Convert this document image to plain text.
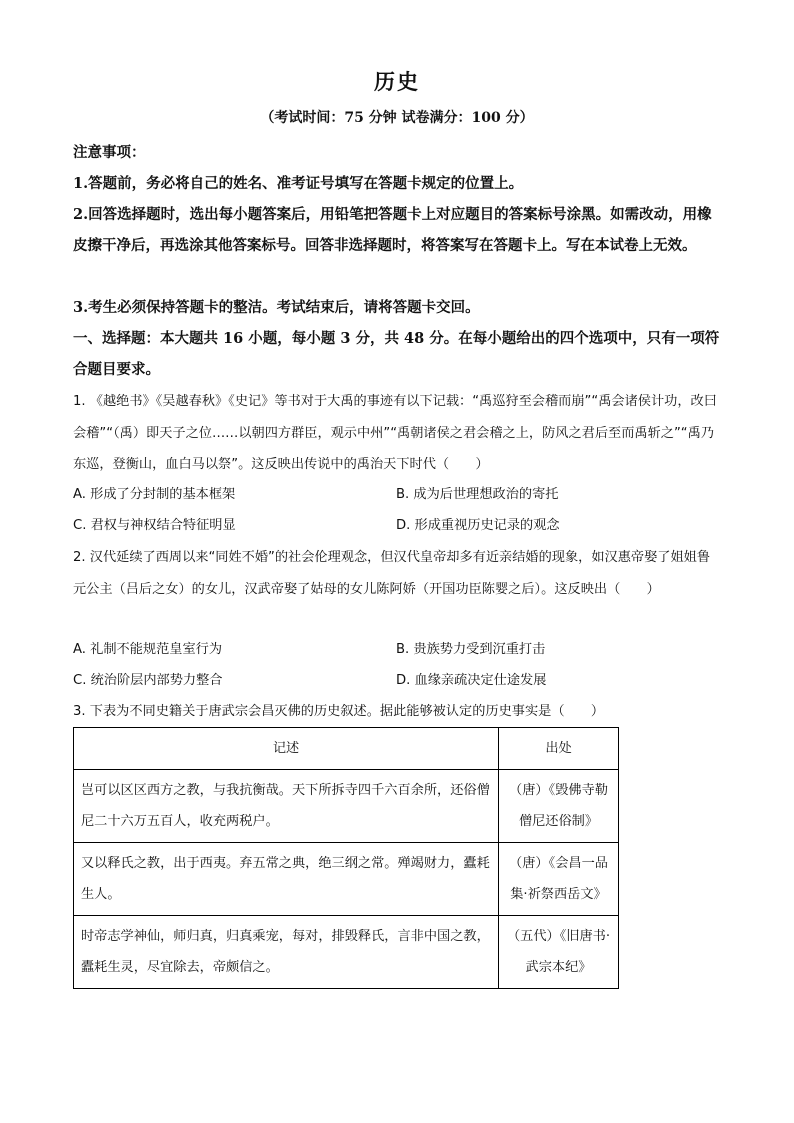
历史
（考试时间：75 分钟 试卷满分：100 分）
注意事项：
1.答题前，务必将自己的姓名、准考证号填写在答题卡规定的位置上。
2.回答选择题时，选出每小题答案后，用铅笔把答题卡上对应题目的答案标号涂黑。如需改动，用橡皮擦干净后，再选涂其他答案标号。回答非选择题时，将答案写在答题卡上。写在本试卷上无效。
3.考生必须保持答题卡的整洁。考试结束后，请将答题卡交回。
一、选择题：本大题共 16 小题，每小题 3 分，共 48 分。在每小题给出的四个选项中，只有一项符合题目要求。
1. 《越绝书》《吴越春秋》《史记》等书对于大禹的事迹有以下记载：“禹巡狩至会稽而崩”“禹会诸侯计功，改曰会稽”“（禹）即天子之位……以朝四方群臣，观示中州”“禹朝诸侯之君会稽之上，防风之君后至而禹斩之”“禹乃东巡，登衡山，血白马以祭”。这反映出传说中的禹治天下时代（　　）
A. 形成了分封制的基本框架	B. 成为后世理想政治的寄托
C. 君权与神权结合特征明显	D. 形成重视历史记录的观念
2. 汉代延续了西周以来“同姓不婚”的社会伦理观念，但汉代皇帝却多有近亲结婚的现象，如汉惠帝娶了姐姐鲁元公主（吕后之女）的女儿，汉武帝娶了姑母的女儿陈阿娇（开国功臣陈婴之后）。这反映出（　　）
A. 礼制不能规范皇室行为	B. 贵族势力受到沉重打击
C. 统治阶层内部势力整合	D. 血缘亲疏决定仕途发展
3. 下表为不同史籍关于唐武宗会昌灭佛的历史叙述。据此能够被认定的历史事实是（　　）
记述	出处
岂可以区区西方之教，与我抗衡哉。天下所拆寺四千六百余所，还俗僧尼二十六万五百人，收充两税户。	（唐）《毁佛寺勒僧尼还俗制》
又以释氏之教，出于西夷。弃五常之典，绝三纲之常。殚竭财力，蠹耗生人。	（唐）《会昌一品集·祈祭西岳文》
时帝志学神仙，师归真，归真乘宠，每对，排毁释氏，言非中国之教，蠹耗生灵，尽宜除去，帝颇信之。	（五代）《旧唐书·武宗本纪》
